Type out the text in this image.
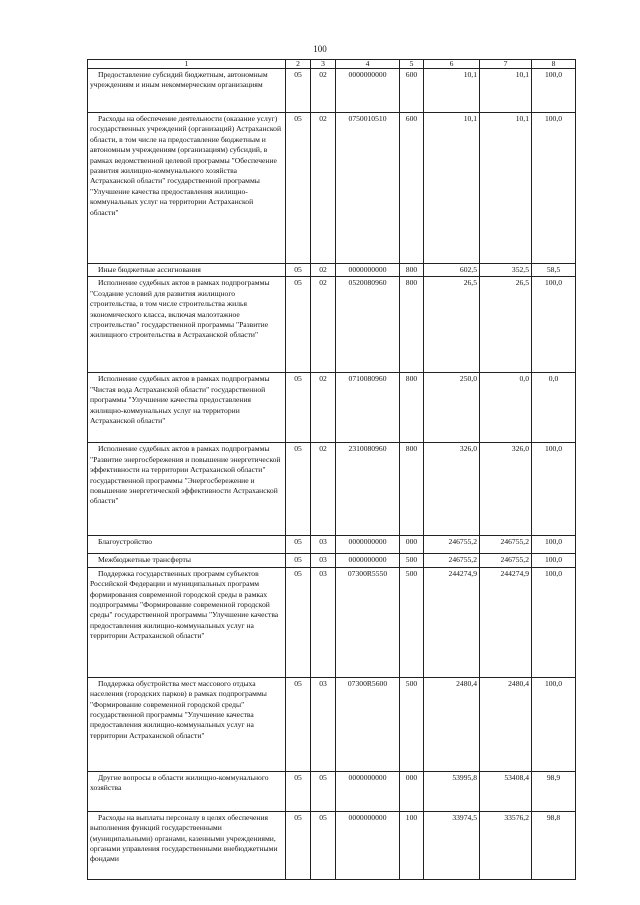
100
1	2	3	4	5	6	7	8
Предоставление субсидий бюджетным, автономным учреждениям и иным некоммерческим организациям	05	02	0000000000	600	10,1	10,1	100,0
Расходы на обеспечение деятельности (оказание услуг) государственных учреждений (организаций) Астраханской области, в том числе на предоставление бюджетным и автономным учреждениям (организациям) субсидий, в рамках ведомственной целевой программы "Обеспечение развития жилищно-коммунального хозяйства Астраханской области" государственной программы "Улучшение качества предоставления жилищно-коммунальных услуг на территории Астраханской области"	05	02	0750010510	600	10,1	10,1	100,0
Иные бюджетные ассигнования	05	02	0000000000	800	602,5	352,5	58,5
Исполнение судебных актов в рамках подпрограммы "Создание условий для развития жилищного строительства, в том числе строительства жилья экономического класса, включая малоэтажное строительство" государственной программы "Развитие жилищного строительства в Астраханской области"	05	02	0520080960	800	26,5	26,5	100,0
Исполнение судебных актов в рамках подпрограммы "Чистая вода Астраханской области" государственной программы "Улучшение качества предоставления жилищно-коммунальных услуг на территории Астраханской области"	05	02	0710080960	800	250,0	0,0	0,0
Исполнение судебных актов в рамках подпрограммы "Развитие энергосбережения и повышение энергетической эффективности на территории Астраханской области" государственной программы "Энергосбережение и повышение энергетической эффективности Астраханской области"	05	02	2310080960	800	326,0	326,0	100,0
Благоустройство	05	03	0000000000	000	246755,2	246755,2	100,0
Межбюджетные трансферты	05	03	0000000000	500	246755,2	246755,2	100,0
Поддержка государственных программ субъектов Российской Федерации и муниципальных программ формирования современной городской среды в рамках подпрограммы "Формирование современной городской среды" государственной программы "Улучшение качества предоставления жилищно-коммунальных услуг на территории Астраханской области"	05	03	07300R5550	500	244274,9	244274,9	100,0
Поддержка обустройства мест массового отдыха населения (городских парков) в рамках подпрограммы "Формирование современной городской среды" государственной программы "Улучшение качества предоставления жилищно-коммунальных услуг на территории Астраханской области"	05	03	07300R5600	500	2480,4	2480,4	100,0
Другие вопросы в области жилищно-коммунального хозяйства	05	05	0000000000	000	53995,8	53408,4	98,9
Расходы на выплаты персоналу в целях обеспечения выполнения функций государственными (муниципальными) органами, казенными учреждениями, органами управления государственными внебюджетными фондами	05	05	0000000000	100	33974,5	33576,2	98,8
